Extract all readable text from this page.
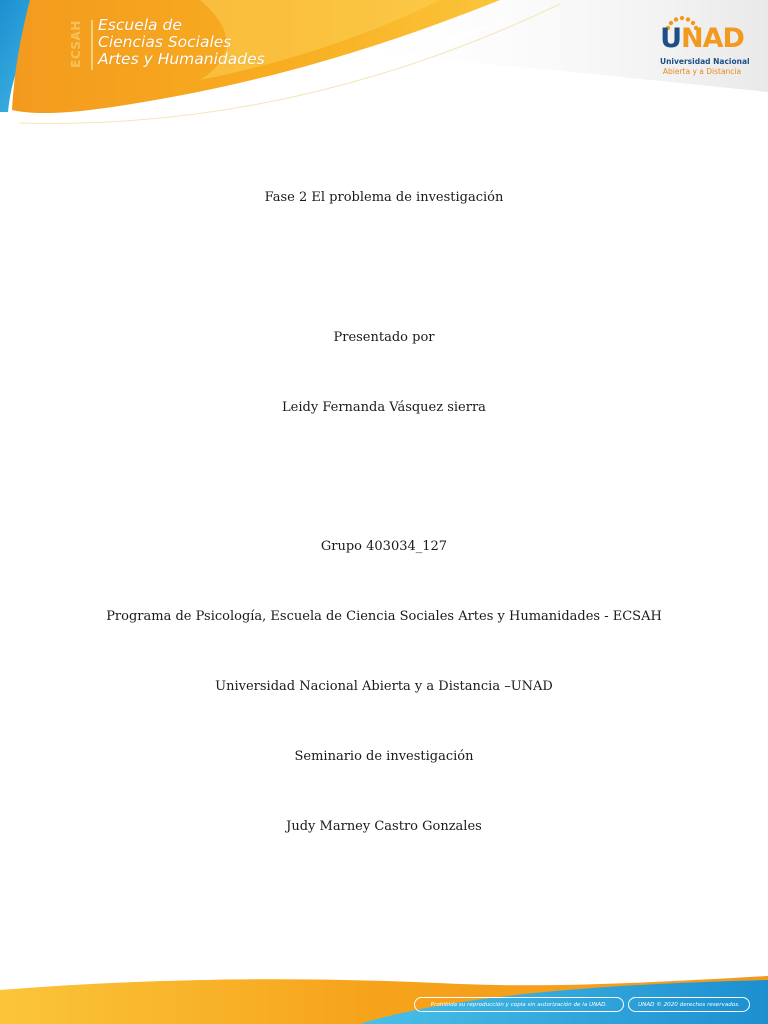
ECSAH Escuela de
Ciencias Sociales
Artes y Humanidades
UNAD
Universidad Nacional
Abierta y a Distancia
Fase 2 El problema de investigación
Presentado por
Leidy Fernanda Vásquez sierra
Grupo 403034_127
Programa de Psicología, Escuela de Ciencia Sociales Artes y Humanidades - ECSAH
Universidad Nacional Abierta y a Distancia –UNAD
Seminario de investigación
Judy Marney Castro Gonzales
Prohibida su reproducción y copia sin autorización de la UNAD.	UNAD © 2020 derechos reservados.
